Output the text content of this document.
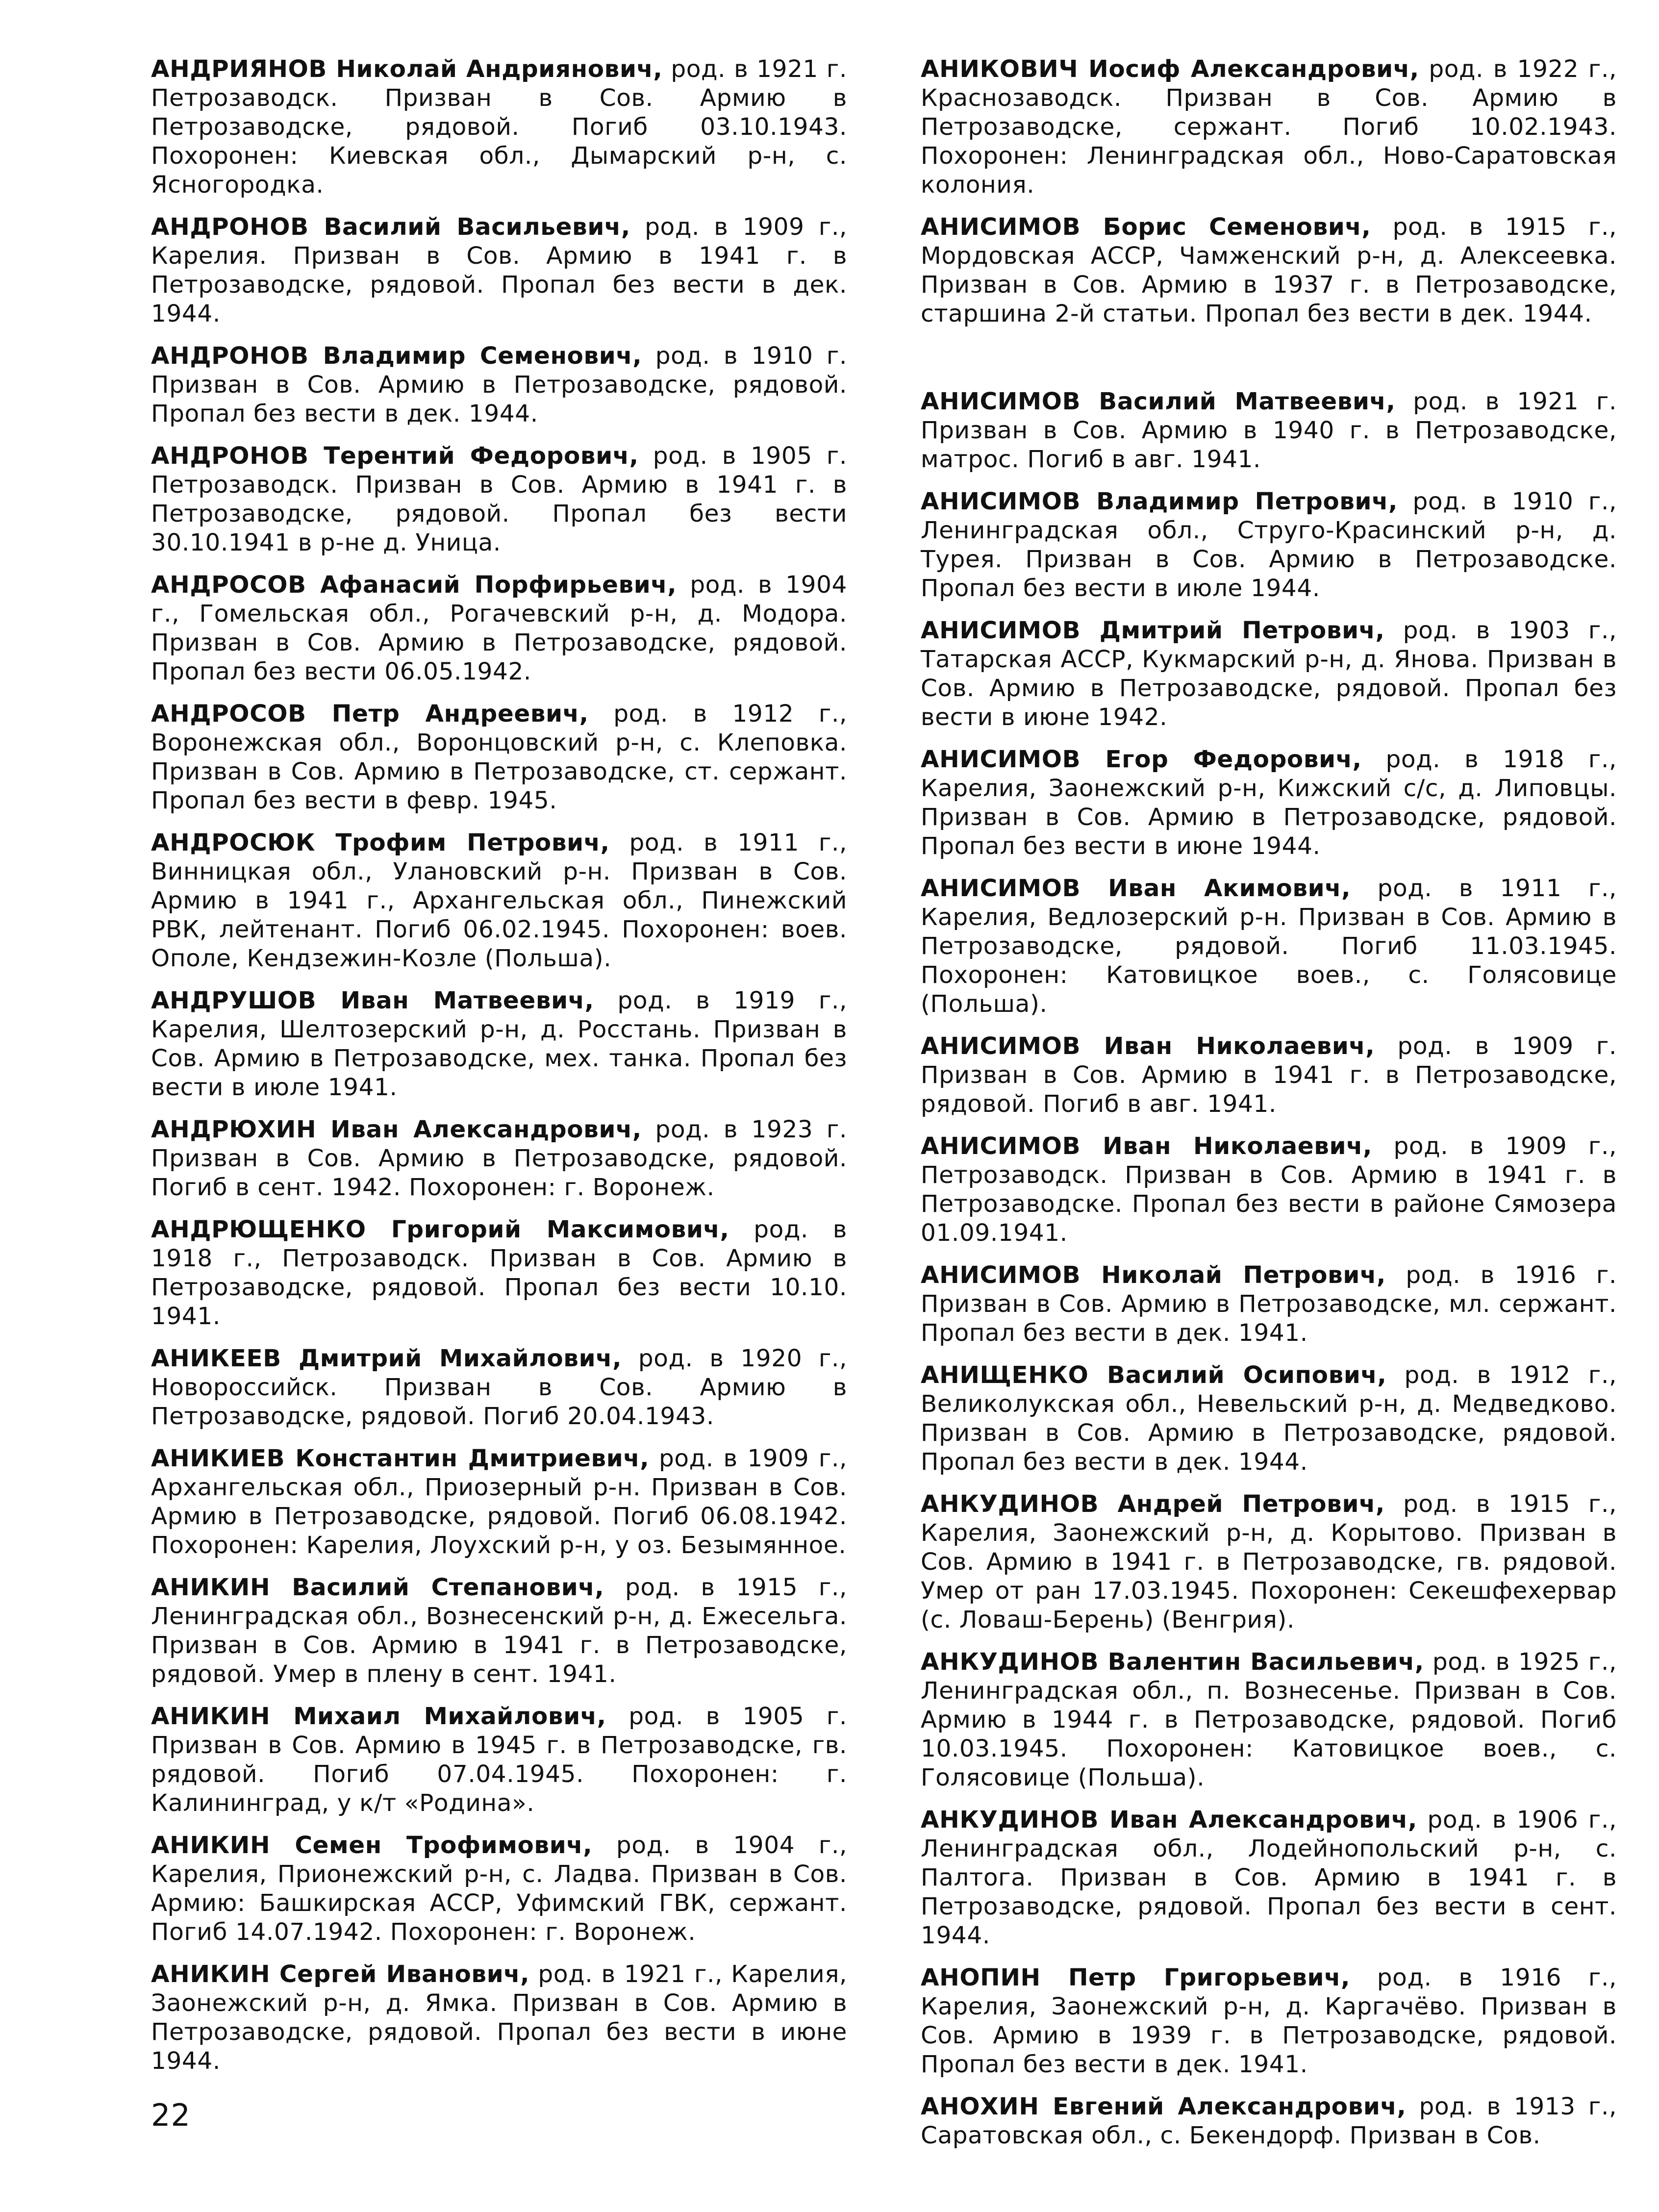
АНДРИЯНОВ Николай Андриянович, род. в 1921 г. Петрозаводск. Призван в Сов. Армию в Петрозаводске, рядовой. Погиб 03.10.1943. Похоронен: Киевская обл., Дымарский р-н, с. Ясногородка.

АНДРОНОВ Василий Васильевич, род. в 1909 г., Карелия. Призван в Сов. Армию в 1941 г. в Петрозаводске, рядовой. Пропал без вести в дек. 1944.

АНДРОНОВ Владимир Семенович, род. в 1910 г. Призван в Сов. Армию в Петрозаводске, рядовой. Пропал без вести в дек. 1944.

АНДРОНОВ Терентий Федорович, род. в 1905 г. Петрозаводск. Призван в Сов. Армию в 1941 г. в Петрозаводске, рядовой. Пропал без вести 30.10.1941 в р-не д. Уница.

АНДРОСОВ Афанасий Порфирьевич, род. в 1904 г., Гомельская обл., Рогачевский р-н, д. Модора. Призван в Сов. Армию в Петрозаводске, рядовой. Пропал без вести 06.05.1942.

АНДРОСОВ Петр Андреевич, род. в 1912 г., Воронежская обл., Воронцовский р-н, с. Клеповка. Призван в Сов. Армию в Петрозаводске, ст. сержант. Пропал без вести в февр. 1945.

АНДРОСЮК Трофим Петрович, род. в 1911 г., Винницкая обл., Улановский р-н. Призван в Сов. Армию в 1941 г., Архангельская обл., Пинежский РВК, лейтенант. Погиб 06.02.1945. Похоронен: воев. Ополе, Кендзежин-Козле (Польша).

АНДРУШОВ Иван Матвеевич, род. в 1919 г., Карелия, Шелтозерский р-н, д. Росстань. Призван в Сов. Армию в Петрозаводске, мех. танка. Пропал без вести в июле 1941.

АНДРЮХИН Иван Александрович, род. в 1923 г. Призван в Сов. Армию в Петрозаводске, рядовой. Погиб в сент. 1942. Похоронен: г. Воронеж.

АНДРЮЩЕНКО Григорий Максимович, род. в 1918 г., Петрозаводск. Призван в Сов. Армию в Петрозаводске, рядовой. Пропал без вести 10.10. 1941.

АНИКЕЕВ Дмитрий Михайлович, род. в 1920 г., Новороссийск. Призван в Сов. Армию в Петрозаводске, рядовой. Погиб 20.04.1943.

АНИКИЕВ Константин Дмитриевич, род. в 1909 г., Архангельская обл., Приозерный р-н. Призван в Сов. Армию в Петрозаводске, рядовой. Погиб 06.08.1942. Похоронен: Карелия, Лоухский р-н, у оз. Безымянное.

АНИКИН Василий Степанович, род. в 1915 г., Ленинградская обл., Вознесенский р-н, д. Ежесельга. Призван в Сов. Армию в 1941 г. в Петрозаводске, рядовой. Умер в плену в сент. 1941.

АНИКИН Михаил Михайлович, род. в 1905 г. Призван в Сов. Армию в 1945 г. в Петрозаводске, гв. рядовой. Погиб 07.04.1945. Похоронен: г. Калининград, у к/т «Родина».

АНИКИН Семен Трофимович, род. в 1904 г., Карелия, Прионежский р-н, с. Ладва. Призван в Сов. Армию: Башкирская АССР, Уфимский ГВК, сержант. Погиб 14.07.1942. Похоронен: г. Воронеж.

АНИКИН Сергей Иванович, род. в 1921 г., Карелия, Заонежский р-н, д. Ямка. Призван в Сов. Армию в Петрозаводске, рядовой. Пропал без вести в июне 1944.

АНИКОВИЧ Иосиф Александрович, род. в 1922 г., Краснозаводск. Призван в Сов. Армию в Петрозаводске, сержант. Погиб 10.02.1943. Похоронен: Ленинградская обл., Ново-Саратовская колония.

АНИСИМОВ Борис Семенович, род. в 1915 г., Мордовская АССР, Чамженский р-н, д. Алексеевка. Призван в Сов. Армию в 1937 г. в Петрозаводске, старшина 2-й статьи. Пропал без вести в дек. 1944.

АНИСИМОВ Василий Матвеевич, род. в 1921 г. Призван в Сов. Армию в 1940 г. в Петрозаводске, матрос. Погиб в авг. 1941.

АНИСИМОВ Владимир Петрович, род. в 1910 г., Ленинградская обл., Струго-Красинский р-н, д. Турея. Призван в Сов. Армию в Петрозаводске. Пропал без вести в июле 1944.

АНИСИМОВ Дмитрий Петрович, род. в 1903 г., Татарская АССР, Кукмарский р-н, д. Янова. Призван в Сов. Армию в Петрозаводске, рядовой. Пропал без вести в июне 1942.

АНИСИМОВ Егор Федорович, род. в 1918 г., Карелия, Заонежский р-н, Кижский с/с, д. Липовцы. Призван в Сов. Армию в Петрозаводске, рядовой. Пропал без вести в июне 1944.

АНИСИМОВ Иван Акимович, род. в 1911 г., Карелия, Ведлозерский р-н. Призван в Сов. Армию в Петрозаводске, рядовой. Погиб 11.03.1945. Похоронен: Катовицкое воев., с. Голясовице (Польша).

АНИСИМОВ Иван Николаевич, род. в 1909 г. Призван в Сов. Армию в 1941 г. в Петрозаводске, рядовой. Погиб в авг. 1941.

АНИСИМОВ Иван Николаевич, род. в 1909 г., Петрозаводск. Призван в Сов. Армию в 1941 г. в Петрозаводске. Пропал без вести в районе Сямозера 01.09.1941.

АНИСИМОВ Николай Петрович, род. в 1916 г. Призван в Сов. Армию в Петрозаводске, мл. сержант. Пропал без вести в дек. 1941.

АНИЩЕНКО Василий Осипович, род. в 1912 г., Великолукская обл., Невельский р-н, д. Медведково. Призван в Сов. Армию в Петрозаводске, рядовой. Пропал без вести в дек. 1944.

АНКУДИНОВ Андрей Петрович, род. в 1915 г., Карелия, Заонежский р-н, д. Корытово. Призван в Сов. Армию в 1941 г. в Петрозаводске, гв. рядовой. Умер от ран 17.03.1945. Похоронен: Секешфехервар (с. Ловаш-Берень) (Венгрия).

АНКУДИНОВ Валентин Васильевич, род. в 1925 г., Ленинградская обл., п. Вознесенье. Призван в Сов. Армию в 1944 г. в Петрозаводске, рядовой. Погиб 10.03.1945. Похоронен: Катовицкое воев., с. Голясовице (Польша).

АНКУДИНОВ Иван Александрович, род. в 1906 г., Ленинградская обл., Лодейнопольский р-н, с. Палтога. Призван в Сов. Армию в 1941 г. в Петрозаводске, рядовой. Пропал без вести в сент. 1944.

АНОПИН Петр Григорьевич, род. в 1916 г., Карелия, Заонежский р-н, д. Каргачёво. Призван в Сов. Армию в 1939 г. в Петрозаводске, рядовой. Пропал без вести в дек. 1941.

АНОХИН Евгений Александрович, род. в 1913 г., Саратовская обл., с. Бекендорф. Призван в Сов.

22
